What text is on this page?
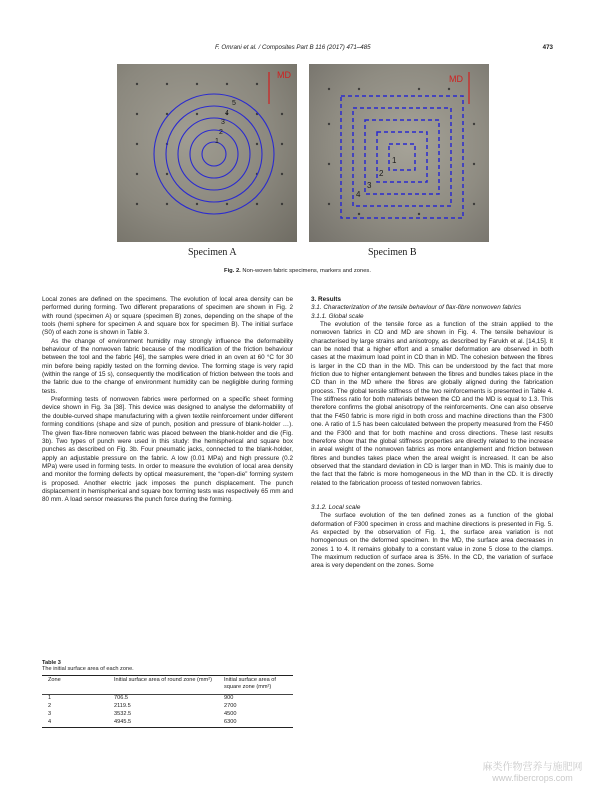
F. Omrani et al. / Composites Part B 116 (2017) 471–485	473
MD
1
2
3
4
5
MD
1
2
3
4
Specimen A	Specimen B
Fig. 2. Non-woven fabric specimens, markers and zones.

Local zones are defined on the specimens. The evolution of local area density can be performed during forming. Two different preparations of specimen are shown in Fig. 2 with round (specimen A) or square (specimen B) zones, depending on the shape of the tools (hemi sphere for specimen A and square box for specimen B). The initial surface (S0) of each zone is shown in Table 3.

As the change of environment humidity may strongly influence the deformability behaviour of the nonwoven fabric because of the modification of the friction behaviour between the tool and the fabric [46], the samples were dried in an oven at 60 °C for 30 min before being rapidly tested on the forming device. The forming stage is very rapid (within the range of 15 s), consequently the modification of friction between the tools and the fabric due to the change of environment humidity can be negligible during forming tests.

Preforming tests of nonwoven fabrics were performed on a specific sheet forming device shown in Fig. 3a [38]. This device was designed to analyse the deformability of the double-curved shape manufacturing with a given textile reinforcement under different forming conditions (shape and size of punch, position and pressure of blank-holder …). The given flax-fibre nonwoven fabric was placed between the blank-holder and die (Fig. 3b). Two types of punch were used in this study: the hemispherical and square box punches as described on Fig. 3b. Four pneumatic jacks, connected to the blank-holder, apply an adjustable pressure on the fabric. A low (0.01 MPa) and high pressure (0.2 MPa) were used in forming tests. In order to measure the evolution of local area density and monitor the forming defects by optical measurement, the “open-die” forming system is proposed. Another electric jack imposes the punch displacement. The punch displacement in hemispherical and square box forming tests was respectively 65 mm and 80 mm. A load sensor measures the punch force during the forming.

Table 3
The initial surface area of each zone.
Zone	Initial surface area of round zone (mm²)	Initial surface area of square zone (mm²)
1	706.5	900
2	2119.5	2700
3	3532.5	4500
4	4945.5	6300

3. Results

3.1. Characterization of the tensile behaviour of flax-fibre nonwoven fabrics

3.1.1. Global scale

The evolution of the tensile force as a function of the strain applied to the nonwoven fabrics in CD and MD are shown in Fig. 4. The tensile behaviour is characterised by large strains and anisotropy, as described by Farukh et al. [14,15]. It can be noted that a higher effort and a smaller deformation are observed in both cases at the maximum load point in CD than in MD. The cohesion between the fibres is larger in the CD than in the MD. This can be understood by the fact that more friction due to higher entanglement between the fibres and bundles takes place in the CD than in the MD where the fibres are globally aligned during the fabrication process. The global tensile stiffness of the two reinforcements is presented in Table 4. The stiffness ratio for both materials between the CD and the MD is equal to 1.3. This therefore confirms the global anisotropy of the reinforcements. One can also observe that the F450 fabric is more rigid in both cross and machine directions than the F300 one. A ratio of 1.5 has been calculated between the property measured from the F450 and the F300 and that for both machine and cross directions. These last results therefore show that the global stiffness properties are directly related to the increase in areal weight of the nonwoven fabrics as more entanglement and friction between fibres and bundles takes place when the areal weight is increased. It can be also observed that the standard deviation in CD is larger than in MD. This is mainly due to the fact that the fabric is more homogeneous in the MD than in the CD. It is directly related to the fabrication process of tested nonwoven fabrics.

3.1.2. Local scale

The surface evolution of the ten defined zones as a function of the global deformation of F300 specimen in cross and machine directions is presented in Fig. 5. As expected by the observation of Fig. 1, the surface area variation is not homogenous on the deformed specimen. In the MD, the surface area decreases in zones 1 to 4. It remains globally to a constant value in zone 5 close to the clamps. The maximum reduction of surface area is 35%. In the CD, the variation of surface area is very dependent on the zones. Some

麻类作物营养与施肥网
www.fibercrops.com
